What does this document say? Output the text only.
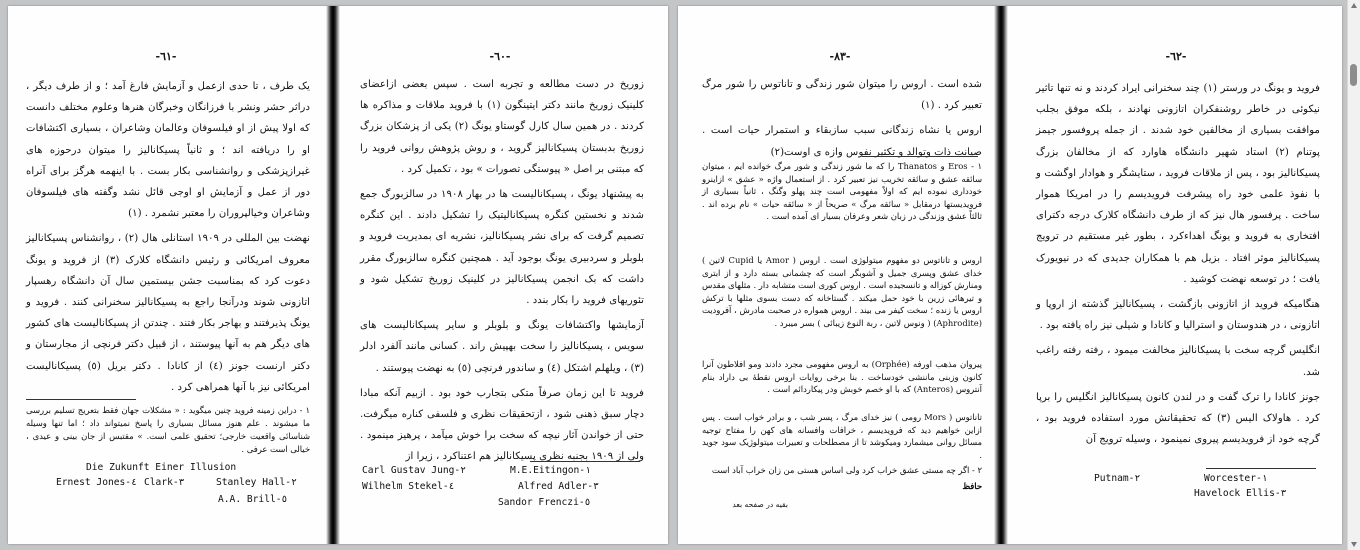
-٦١-

یک طرف ، تا حدی ازعمل و آزمایش فارغ آمد ؛ و از طرف دیگر ، دراثر حشر ونشر با فرزانگان وخبرگان هنرها وعلوم مختلف دانست که اولا پیش از او فیلسوفان وعالمان وشاعران ، بسیاری اکتشافات او را دریافته اند ؛ و ثانیاً پسیکانالیز را میتوان درحوزه های غیرازپزشکی و روانشناسی بکار بست . با اینهمه هرگز برای آنراه دور از عمل و آزمایش او اوجی قائل نشد وگفته های فیلسوفان وشاعران وخیالپروران را معتبر نشمرد . (١)

نهضت بین المللی در ١٩٠٩ استانلی هال (٢) ، روانشناس پسیکانالیز معروف امریکائی و رئیس دانشگاه کلارک (٣) از فروید و یونگ دعوت کرد که بمناسبت جشن بیستمین سال آن دانشگاه رهسپار اتازونی شوند ودرآنجا راجع به پسیکانالیز سخنرانی کنند . فروید و یونگ پذیرفتند و بهاجر بکار فتند . چندتن از پسیکانالیست های کشور های دیگر هم به آنها پیوستند ، از قبیل دکتر فرنچی از مجارستان و دکتر ارنست جونز (٤) از کانادا . دکتر بریل (٥) پسیکانالیست امریکائی نیز با آنها همراهی کرد .

١ - دراین زمینه فروید چنین میگوید : « مشکلات جهان فقط بتعریج تسلیم بررسی ما میشوند . علم هنوز مسائل بسیاری را پاسخ نمیتواند داد ؛ اما تنها وسیله شناسائی واقعیت خارجی؛ تحقیق علمی است. » مقتبس از جان بینی و عیدی ، خیالی است عرفی .
Die Zukunft Einer Illusion
Stanley Hall-٢
Clark-٣
Ernest Jones-٤
A.A. Brill-٥
-٦٠-

زوریخ در دست مطالعه و تجربه است . سپس بعضی ازاعضای کلینیک زوریخ مانند دکتر ایتینگون (١) با فروید ملاقات و مذاکره ها کردند . در همین سال کارل گوستاو یونگ (٢) یکی از پزشکان بزرگ زوریخ بدبستان پسیکانالیز گروید ، و روش پژوهش روانی فروید را که مبتنی بر اصل « پیوستگی تصورات » بود ، تکمیل کرد .

به پیشنهاد یونگ ، پسیکانالیست ها در بهار ١٩٠٨ در سالزبورگ جمع شدند و نخستین کنگره پسیکانالیتیک را تشکیل دادند . این کنگره تصمیم گرفت که برای نشر پسیکانالیز، نشریه ای بمدیریت فروید و بلوبلر و سردبیری یونگ بوجود آید . همچنین کنگره سالزبورگ مقرر داشت که بک انجمن پسیکانالیز در کلینیک زوریخ تشکیل شود و تئوریهای فروید را بکار بندد .

آزمایشها واکتشافات یونگ و بلوبلر و سایر پسیکانالیست های سویس ، پسیکانالیز را سخت بهپیش راند . کسانی مانند آلفرد ادلر (٣) ، ویلهلم اشتکل (٤) و ساندور فرنچی (٥) به نهضت پیوستند .

فروید تا این زمان صرفاً متکی بتجارب خود بود . ازبیم آنکه مبادا دچار سبق ذهنی شود ، ازتحقیقات نظری و فلسفی کناره میگرفت. حتی از خواندن آثار نیچه که سخت برا خوش میآمد ، پرهیز مینمود . ولی از ١٩٠٩ بجنبه نظری پسیکانالیز هم اعتناکرد ، زیرا از

M.E.Eitingon-١
Carl Gustav Jung-٢
Alfred Adler-٣
Wilhelm Stekel-٤
Sandor Frenczi-٥
-٨٣-

شده است . اروس را میتوان شور زندگی و تاناتوس را شور مرگ تعبیر کرد . (١)

اروس یا نشاه زندگانی سبب سازبقاء و استمرار حیات است . صیانت ذات وتوالد و تکثیر نفوس وازه ی اوست(٢)

١ - Eros و Thanatos را که ما شور زندگی و شور مرگ خوانده ایم ، میتوان سائقه عشق و سائقه تخریب نیز تعبیر کرد . از استعمال واژه « عشق » ازاینرو خودداری نموده ایم که اولاً مفهومی است چند پهلو وگنگ ، ثانیاً بسیاری از فرویدیستها درمقابل « سائقه مرگ » صریحاً از « سائقه حیات » نام برده اند . ثالثاً عشق وزندگی در زبان شعر وعرفان بسیار ای آمده است .
اروس و تاناتوس دو مفهوم میتولوژی است . اروس ( Amor یا Cupid لاتین ) خدای عشق وپسری جمیل و آشوبگر است که چشمانی بسته دارد و از ابتری ومنارش کوزاله و تانسجیده است . اروس کوری است متشابه دار . مثلهای مقدس و تیرهائی زرین با خود حمل میکند . گستاخانه که دست بسوی مثلها با ترکش اروس یا زنده ؛ سخت کیفر می بیند . اروس همواره در صحبت مادرش ، آفرودیت (Aphrodite) ( ونوس لاتین ، ربة النوع زیبائی ) بسر میبرد .
پیروان مذهب اورفه (Orphée) به اروس مفهومی مجرد دادند ومو افلاطون آنرا کانون وزبنی ماننشی خودساخت . بنا برخی روایات اروس نقطهٔ بی داراد بنام آنتروس (Anteros) که با او خصم خوبش ودر پیکاردائم است .
تاناتوس ( Mors رومی ) نیز خدای مرگ ، پسر شب ، و برادر خواب است . پس ازاین خواهیم دید که فرویدیسم ، خرافات وافسانه های کهن را مفتاح توجیه مسائل روانی میشمارد ومیکوشد تا از مصطلحات و تعبیرات میتولوژیک سود جوید .
٢ - اگر چه مستی عشق خراب کرد ولی اساس هستی من زان خراب آباد است
حافظ
بقیه در صفحه بعد
-٦٢-

فروید و یونگ در ورستر (١) چند سخنرانی ایراد کردند و نه تنها تاثیر نیکوئی در خاطر روشنفکران اتازونی نهادند ، بلکه موفق بجلب موافقت بسیاری از مخالفین خود شدند . از جمله پروفسور جیمز پوتنام (٢) استاد شهیر دانشگاه هاوارد که از مخالفان بزرگ پسیکانالیز بود ، پس از ملاقات فروید ، ستایشگر و هوادار اوگشت و با نفوذ علمی خود راه پیشرفت فرویدیسم را در امریکا هموار ساخت . پرفسور هال نیز که از طرف دانشگاه کلارک درجه دکترای افتخاری به فروید و یونگ اهداءکرد ، بطور غیر مستقیم در ترویج پسیکانالیز موثر افتاد . بزیل هم با همکاران جدیدی که در نیویورک یافت ؛ در توسعه نهضت کوشید .

هنگامیکه فروید از اتازونی بازگشت ، پسیکانالیز گذشته از اروپا و اتازونی ، در هندوستان و استرالیا و کانادا و شیلی نیز راه یافته بود .

انگلیس گرچه سخت با پسیکانالیز مخالفت میمود ، رفته رفته راغب شد.

جونز کانادا را ترک گفت و در لندن کانون پسیکانالیز انگلیس را برپا کرد . هاولاک الیس (٣) که تحقیقاتش مورد استفاده فروید بود ، گرچه خود از فرویدیسم پیروی نمینمود ، وسیله ترویج آن

Worcester-١
Putnam-٢
Havelock Ellis-٣
